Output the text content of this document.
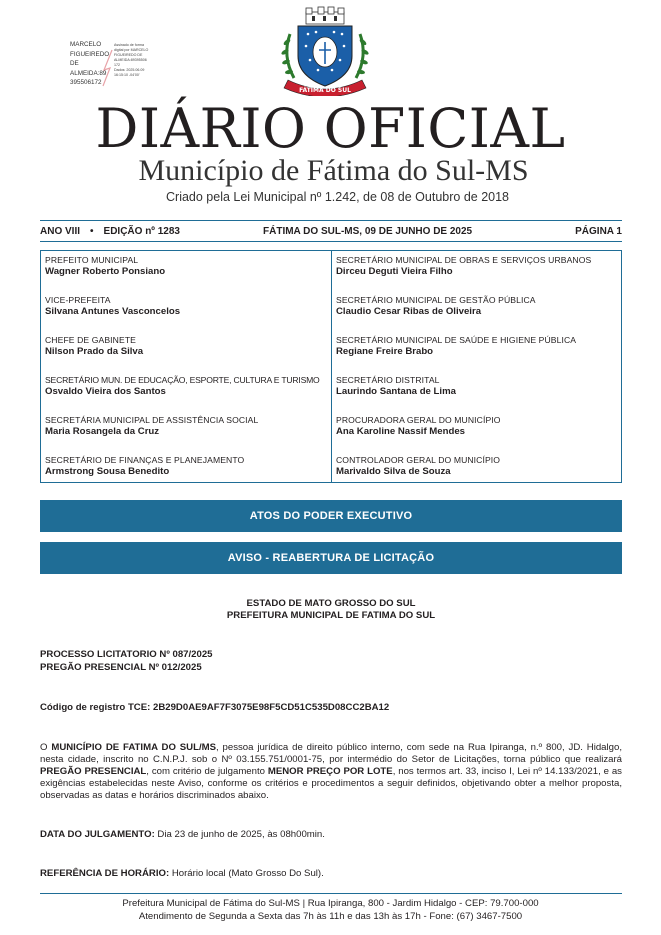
MARCELO
FIGUEIREDO
DE
ALMEIDA:89
395506172
Assinado de forma
digital por MARCELO
FIGUEIREDO DE
ALMEIDA:89395506
172
Dados: 2025.06.09
16:15:10 -04'00'
FÁTIMA DO SUL
DIÁRIO OFICIAL
Município de Fátima do Sul-MS
Criado pela Lei Municipal nº 1.242, de 08 de Outubro de 2018
ANO VIII • EDIÇÃO nº 1283	FÁTIMA DO SUL-MS, 09 DE JUNHO DE 2025	PÁGINA 1
PREFEITO MUNICIPAL
Wagner Roberto Ponsiano
VICE-PREFEITA
Silvana Antunes Vasconcelos
CHEFE DE GABINETE
Nilson Prado da Silva
SECRETÁRIO MUN. DE EDUCAÇÃO, ESPORTE, CULTURA E TURISMO
Osvaldo Vieira dos Santos
SECRETÁRIA MUNICIPAL DE ASSISTÊNCIA SOCIAL
Maria Rosangela da Cruz
SECRETÁRIO DE FINANÇAS E PLANEJAMENTO
Armstrong Sousa Benedito
SECRETÁRIO MUNICIPAL DE OBRAS E SERVIÇOS URBANOS
Dirceu Deguti Vieira Filho
SECRETÁRIO MUNICIPAL DE GESTÃO PÚBLICA
Claudio Cesar Ribas de Oliveira
SECRETÁRIO MUNICIPAL DE SAÚDE E HIGIENE PÚBLICA
Regiane Freire Brabo
SECRETÁRIO DISTRITAL
Laurindo Santana de Lima
PROCURADORA GERAL DO MUNICÍPIO
Ana Karoline Nassif Mendes
CONTROLADOR GERAL DO MUNICÍPIO
Marivaldo Silva de Souza
ATOS DO PODER EXECUTIVO
AVISO - REABERTURA DE LICITAÇÃO
ESTADO DE MATO GROSSO DO SUL
PREFEITURA MUNICIPAL DE FATIMA DO SUL
PROCESSO LICITATORIO Nº 087/2025
PREGÃO PRESENCIAL Nº 012/2025
Código de registro TCE: 2B29D0AE9AF7F3075E98F5CD51C535D08CC2BA12
O MUNICÍPIO DE FATIMA DO SUL/MS, pessoa jurídica de direito público interno, com sede na Rua Ipiranga, n.º 800, JD. Hidalgo, nesta cidade, inscrito no C.N.P.J. sob o Nº 03.155.751/0001-75, por intermédio do Setor de Licitações, torna público que realizará PREGÃO PRESENCIAL, com critério de julgamento MENOR PREÇO POR LOTE, nos termos art. 33, inciso I, Lei nº 14.133/2021, e as exigências estabelecidas neste Aviso, conforme os critérios e procedimentos a seguir definidos, objetivando obter a melhor proposta, observadas as datas e horários discriminados abaixo.
DATA DO JULGAMENTO: Dia 23 de junho de 2025, às 08h00min.
REFERÊNCIA DE HORÁRIO: Horário local (Mato Grosso Do Sul).
Prefeitura Municipal de Fátima do Sul-MS | Rua Ipiranga, 800 - Jardim Hidalgo - CEP: 79.700-000
Atendimento de Segunda a Sexta das 7h às 11h e das 13h às 17h - Fone: (67) 3467-7500
